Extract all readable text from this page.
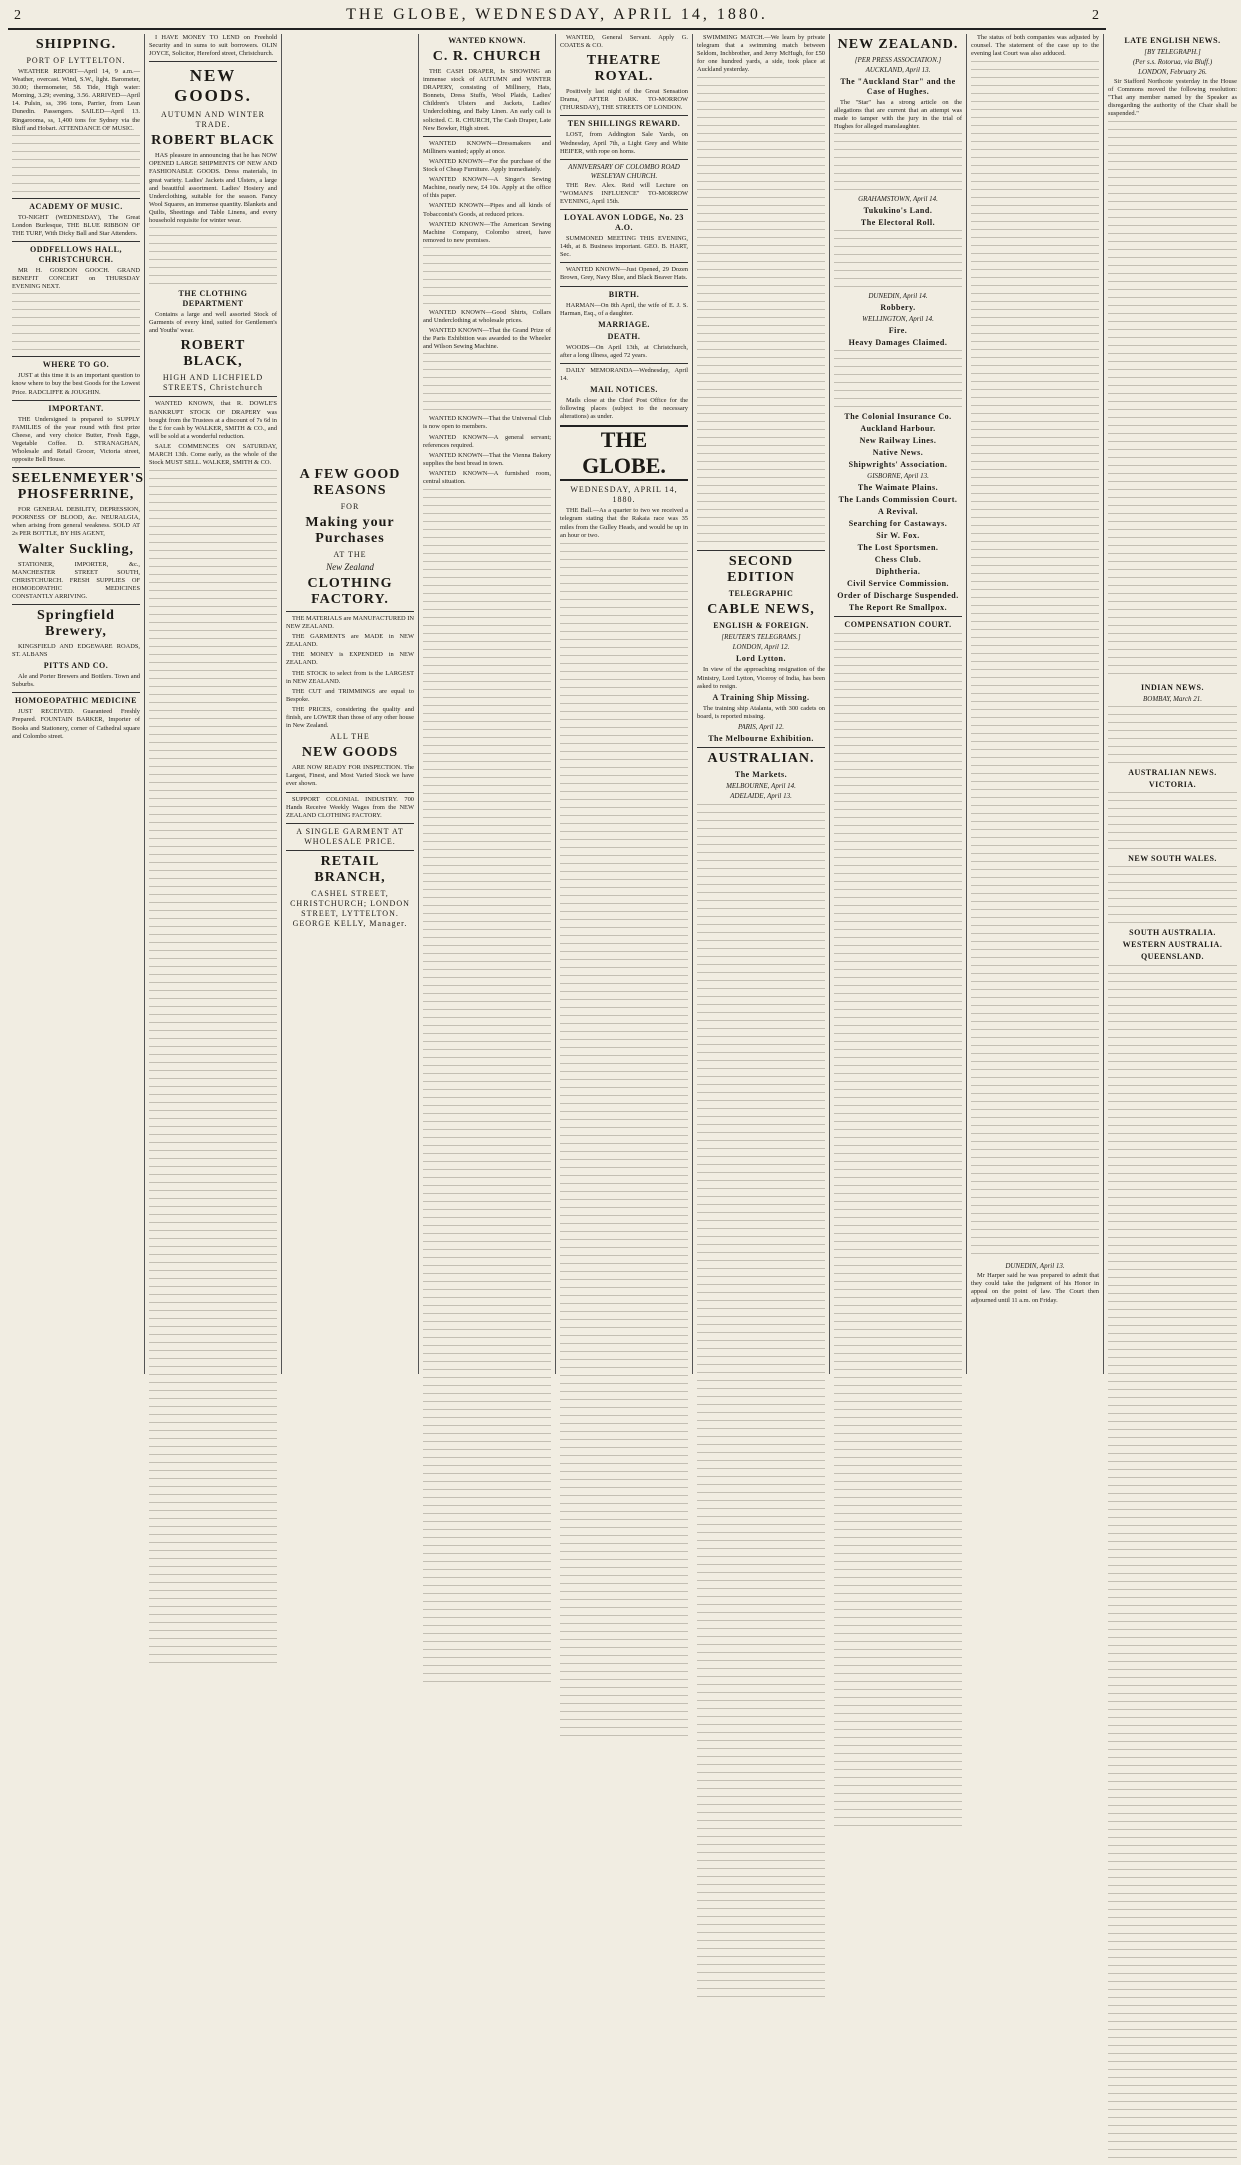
2	THE GLOBE, WEDNESDAY, APRIL 14, 1880.	2
SHIPPING.
PORT OF LYTTELTON.

WEATHER REPORT—April 14, 9 a.m.—Weather, overcast. Wind, S.W., light. Barometer, 30.00; thermometer, 58. Tide, High water: Morning, 3.29; evening, 3.56. ARRIVED—April 14. Pulsin, ss, 396 tons, Parrier, from Lean Dunedin. Passengers. SAILED—April 13. Ringarooma, ss, 1,400 tons for Sydney via the Bluff and Hobart. ATTENDANCE OF MUSIC.

ACADEMY OF MUSIC.

TO-NIGHT (WEDNESDAY), The Great London Burlesque, THE BLUE RIBBON OF THE TURF, With Dicky Ball and Star Attenders.

ODDFELLOWS HALL, CHRISTCHURCH.

MR H. GORDON GOOCH. GRAND BENEFIT CONCERT on THURSDAY EVENING NEXT.

WHERE TO GO.

JUST at this time it is an important question to know where to buy the best Goods for the Lowest Price. RADCLIFFE & JOUGHIN.

IMPORTANT.

THE Undersigned is prepared to SUPPLY FAMILIES of the year round with first prize Cheese, and very choice Butter, Fresh Eggs, Vegetable Coffee. D. STRANAGHAN, Wholesale and Retail Grocer, Victoria street, opposite Bell House.

SEELENMEYER'S PHOSFERRINE,

FOR GENERAL DEBILITY, DEPRESSION, POORNESS OF BLOOD, &c. NEURALGIA, when arising from general weakness. SOLD AT 2s PER BOTTLE, BY HIS AGENT,

Walter Suckling,

STATIONER, IMPORTER, &c., MANCHESTER STREET SOUTH, CHRISTCHURCH. FRESH SUPPLIES OF HOMOEOPATHIC MEDICINES CONSTANTLY ARRIVING.

Springfield Brewery,

KINGSFIELD AND EDGEWARE ROADS, ST. ALBANS

PITTS AND CO.

Ale and Porter Brewers and Bottlers. Town and Suburbs.

HOMOEOPATHIC MEDICINE

JUST RECEIVED. Guaranteed Freshly Prepared. FOUNTAIN BARKER, Importer of Books and Stationery, corner of Cathedral square and Colombo street.

I HAVE MONEY TO LEND on Freehold Security and in sums to suit borrowers. OLIN JOYCE, Solicitor, Hereford street, Christchurch.

NEW GOODS.
AUTUMN AND WINTER TRADE.
ROBERT BLACK

HAS pleasure in announcing that he has NOW OPENED LARGE SHIPMENTS OF NEW AND FASHIONABLE GOODS. Dress materials, in great variety. Ladies' Jackets and Ulsters, a large and beautiful assortment. Ladies' Hosiery and Underclothing, suitable for the season. Fancy Wool Squares, an immense quantity. Blankets and Quilts, Sheetings and Table Linens, and every household requisite for winter wear.

THE CLOTHING DEPARTMENT

Contains a large and well assorted Stock of Garments of every kind, suited for Gentlemen's and Youths' wear.

ROBERT BLACK,
HIGH AND LICHFIELD STREETS, Christchurch

WANTED KNOWN, that R. DOWLE'S BANKRUPT STOCK OF DRAPERY was bought from the Trustees at a discount of 7s 6d in the £ for cash by WALKER, SMITH & CO., and will be sold at a wonderful reduction.

SALE COMMENCES ON SATURDAY, MARCH 13th. Come early, as the whole of the Stock MUST SELL. WALKER, SMITH & CO.

A FEW GOOD REASONS
FOR
Making your Purchases
AT THE
New Zealand
CLOTHING FACTORY.

THE MATERIALS are MANUFACTURED IN NEW ZEALAND.

THE GARMENTS are MADE in NEW ZEALAND.

THE MONEY is EXPENDED in NEW ZEALAND.

THE STOCK to select from is the LARGEST in NEW ZEALAND.

THE CUT and TRIMMINGS are equal to Bespoke.

THE PRICES, considering the quality and finish, are LOWER than those of any other house in New Zealand.

ALL THE
NEW GOODS

ARE NOW READY FOR INSPECTION. The Largest, Finest, and Most Varied Stock we have ever shown.

SUPPORT COLONIAL INDUSTRY. 700 Hands Receive Weekly Wages from the NEW ZEALAND CLOTHING FACTORY.

A SINGLE GARMENT AT WHOLESALE PRICE.
RETAIL BRANCH,
CASHEL STREET, CHRISTCHURCH; LONDON STREET, LYTTELTON. GEORGE KELLY, Manager.
WANTED KNOWN.
C. R. CHURCH

THE CASH DRAPER, Is SHOWING an immense stock of AUTUMN and WINTER DRAPERY, consisting of Millinery, Hats, Bonnets, Dress Stuffs, Wool Plaids, Ladies' Children's Ulsters and Jackets, Ladies' Underclothing, and Baby Linen. An early call is solicited. C. R. CHURCH, The Cash Draper, Late New Bowker, High street.

WANTED KNOWN—Dressmakers and Milliners wanted; apply at once.

WANTED KNOWN—For the purchase of the Stock of Cheap Furniture. Apply immediately.

WANTED KNOWN—A Singer's Sewing Machine, nearly new, £4 10s. Apply at the office of this paper.

WANTED KNOWN—Pipes and all kinds of Tobacconist's Goods, at reduced prices.

WANTED KNOWN—The American Sewing Machine Company, Colombo street, have removed to new premises.

WANTED KNOWN—Good Shirts, Collars and Underclothing at wholesale prices.

WANTED KNOWN—That the Grand Prize of the Paris Exhibition was awarded to the Wheeler and Wilson Sewing Machine.

WANTED KNOWN—That the Universal Club is now open to members.

WANTED KNOWN—A general servant; references required.

WANTED KNOWN—That the Vienna Bakery supplies the best bread in town.

WANTED KNOWN—A furnished room, central situation.

WANTED, General Servant. Apply G. COATES & CO.

THEATRE ROYAL.

Positively last night of the Great Sensation Drama, AFTER DARK. TO-MORROW (THURSDAY), THE STREETS OF LONDON.

TEN SHILLINGS REWARD.

LOST, from Addington Sale Yards, on Wednesday, April 7th, a Light Grey and White HEIFER, with rope on horns.

ANNIVERSARY OF COLOMBO ROAD WESLEYAN CHURCH.

THE Rev. Alex. Reid will Lecture on "WOMAN'S INFLUENCE" TO-MORROW EVENING, April 15th.

LOYAL AVON LODGE, No. 23 A.O.

SUMMONED MEETING THIS EVENING, 14th, at 8. Business important. GEO. B. HART, Sec.

WANTED KNOWN—Just Opened, 29 Dozen Brown, Grey, Navy Blue, and Black Beaver Hats.

BIRTH.

HARMAN—On 8th April, the wife of E. J. S. Harman, Esq., of a daughter.

MARRIAGE.
DEATH.

WOODS—On April 13th, at Christchurch, after a long illness, aged 72 years.

DAILY MEMORANDA—Wednesday, April 14.

MAIL NOTICES.

Mails close at the Chief Post Office for the following places (subject to the necessary alterations) as under.

THE GLOBE.
WEDNESDAY, APRIL 14, 1880.

THE Ball.—As a quarter to two we received a telegram stating that the Rakaia race was 35 miles from the Gulley Heads, and would be up in an hour or two.

SWIMMING MATCH.—We learn by private telegram that a swimming match between Seldom, Inchbrother, and Jerry McHugh, for £50 for one hundred yards, a side, took place at Auckland yesterday.

SECOND EDITION
TELEGRAPHIC
CABLE NEWS,
ENGLISH & FOREIGN.
[REUTER'S TELEGRAMS.]
LONDON, April 12.
Lord Lytton.

In view of the approaching resignation of the Ministry, Lord Lytton, Viceroy of India, has been asked to resign.

A Training Ship Missing.

The training ship Atalanta, with 300 cadets on board, is reported missing.

PARIS, April 12.
The Melbourne Exhibition.
AUSTRALIAN.
The Markets.
MELBOURNE, April 14.
ADELAIDE, April 13.
NEW ZEALAND.
[PER PRESS ASSOCIATION.]
AUCKLAND, April 13.
The "Auckland Star" and the Case of Hughes.

The "Star" has a strong article on the allegations that are current that an attempt was made to tamper with the jury in the trial of Hughes for alleged manslaughter.

GRAHAMSTOWN, April 14.
Tukukino's Land.
The Electoral Roll.
DUNEDIN, April 14.
Robbery.
WELLINGTON, April 14.
Fire.
Heavy Damages Claimed.
The Colonial Insurance Co.
Auckland Harbour.
New Railway Lines.
Native News.
Shipwrights' Association.
GISBORNE, April 13.
The Waimate Plains.
The Lands Commission Court.
A Revival.
Searching for Castaways.
Sir W. Fox.
The Lost Sportsmen.
Chess Club.
Diphtheria.
Civil Service Commission.
Order of Discharge Suspended.
The Report Re Smallpox.
COMPENSATION COURT.

The status of both companies was adjusted by counsel. The statement of the case up to the evening last Court was also adduced.

DUNEDIN, April 13.

Mr Harper said he was prepared to admit that they could take the judgment of his Honor in appeal on the point of law. The Court then adjourned until 11 a.m. on Friday.

LATE ENGLISH NEWS.
[BY TELEGRAPH.]
(Per s.s. Rotorua, via Bluff.)
LONDON, February 26.

Sir Stafford Northcote yesterday in the House of Commons moved the following resolution: "That any member named by the Speaker as disregarding the authority of the Chair shall be suspended."

INDIAN NEWS.
BOMBAY, March 21.
AUSTRALIAN NEWS.
VICTORIA.
NEW SOUTH WALES.
SOUTH AUSTRALIA.
WESTERN AUSTRALIA.
QUEENSLAND.
